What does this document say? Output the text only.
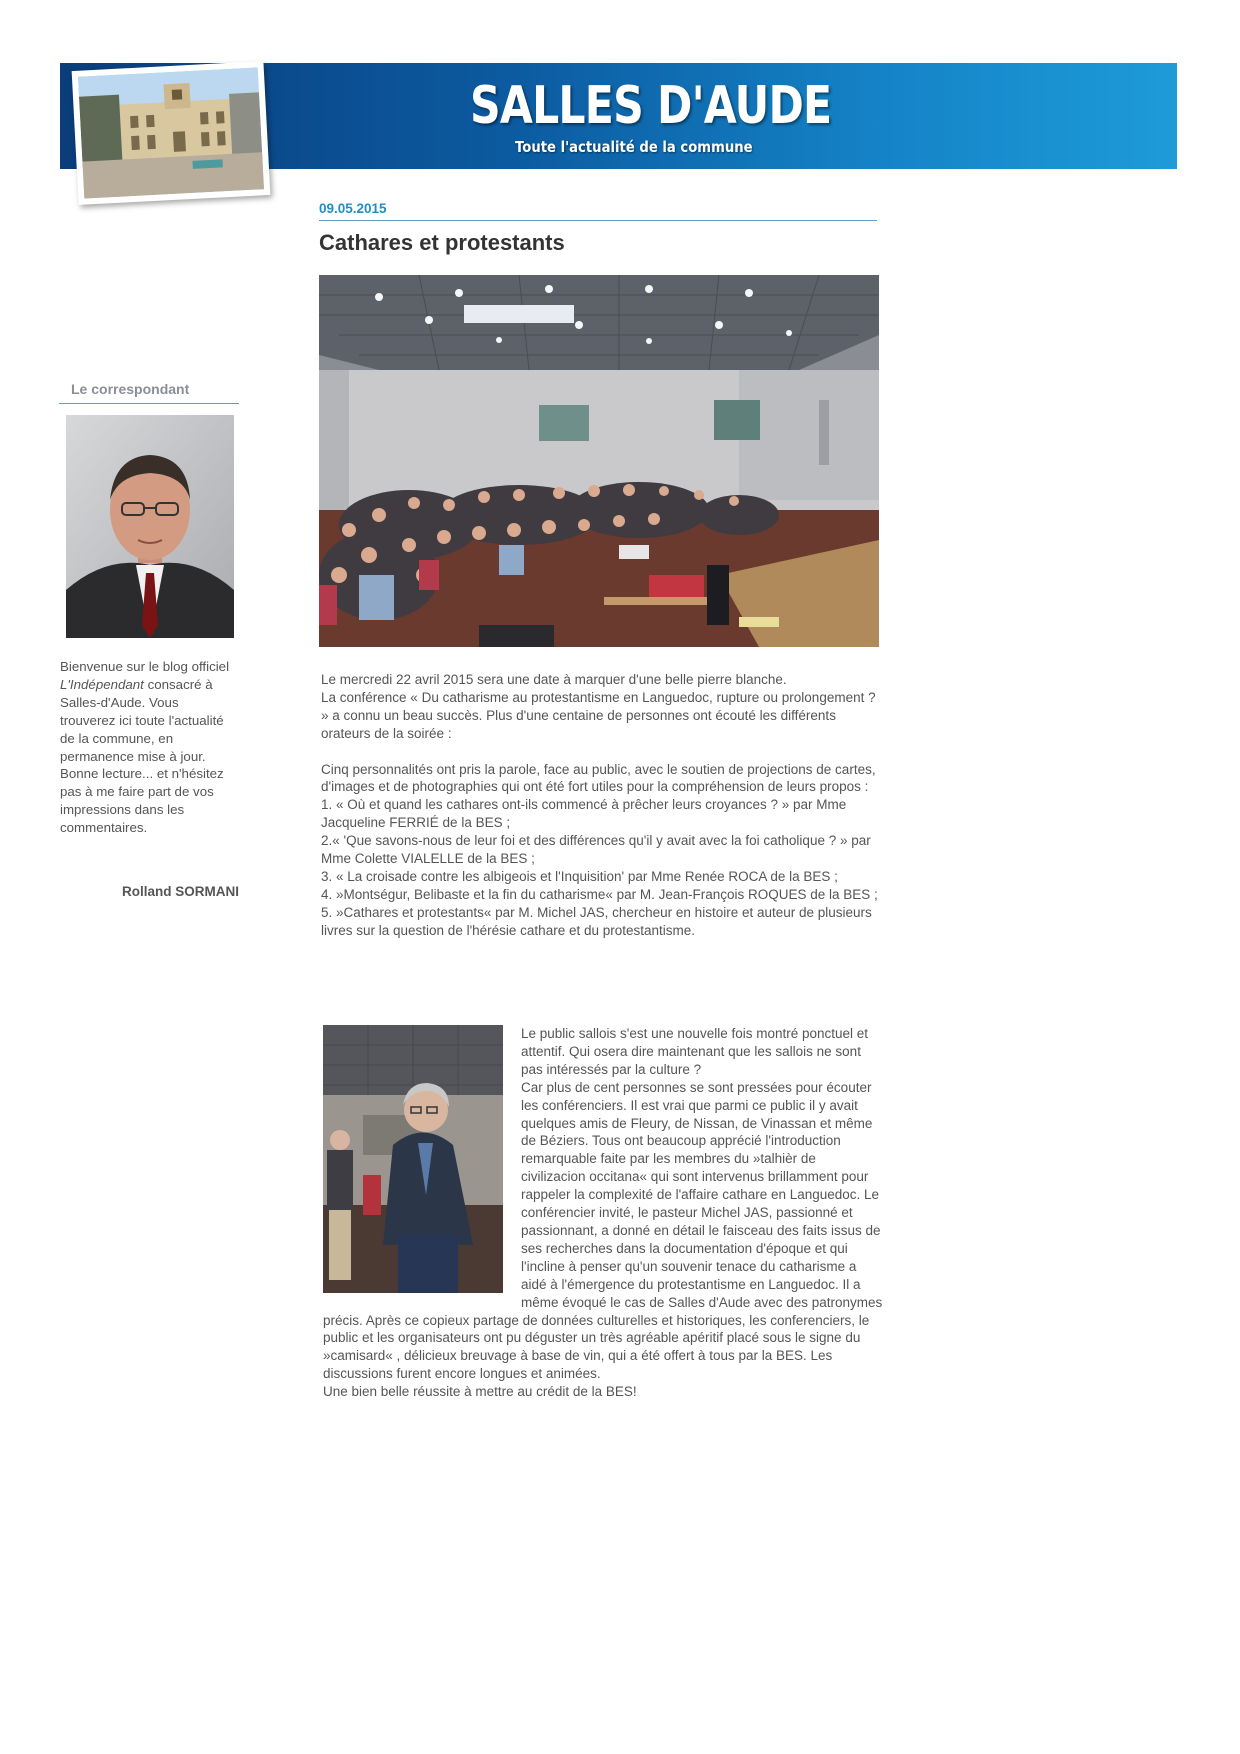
SALLES D'AUDE
Toute l'actualité de la commune
Le correspondant
Bienvenue sur le blog officiel L'Indépendant consacré à Salles-d'Aude. Vous trouverez ici toute l'actualité de la commune, en permanence mise à jour. Bonne lecture... et n'hésitez pas à me faire part de vos impressions dans les commentaires.
Rolland SORMANI
09.05.2015
Cathares et protestants

Le mercredi 22 avril 2015 sera une date à marquer d'une belle pierre blanche.

La conférence « Du catharisme au protestantisme en Languedoc, rupture ou prolongement ? » a connu un beau succès. Plus d'une centaine de personnes ont écouté les différents orateurs de la soirée :

Cinq personnalités ont pris la parole, face au public, avec le soutien de projections de cartes, d'images et de photographies qui ont été fort utiles pour la compréhension de leurs propos :

1. « Où et quand les cathares ont-ils commencé à prêcher leurs croyances ? » par Mme Jacqueline FERRIÉ de la BES ;

2.« 'Que savons-nous de leur foi et des différences qu'il y avait avec la foi catholique ? » par Mme Colette VIALELLE de la BES ;

3. « La croisade contre les albigeois et l'Inquisition' par Mme Renée ROCA de la BES ;

4. »Montségur, Belibaste et la fin du catharisme« par M. Jean-François ROQUES de la BES ;

5. »Cathares et protestants« par M. Michel JAS, chercheur en histoire et auteur de plusieurs livres sur la question de l'hérésie cathare et du protestantisme.

Le public sallois s'est une nouvelle fois montré ponctuel et attentif. Qui osera dire maintenant que les sallois ne sont pas intéressés par la culture ?

Car plus de cent personnes se sont pressées pour écouter les conférenciers. Il est vrai que parmi ce public il y avait quelques amis de Fleury, de Nissan, de Vinassan et même de Béziers. Tous ont beaucoup apprécié l'introduction remarquable faite par les membres du »talhièr de civilizacion occitana« qui sont intervenus brillamment pour rappeler la complexité de l'affaire cathare en Languedoc. Le conférencier invité, le pasteur Michel JAS, passionné et passionnant, a donné en détail le faisceau des faits issus de ses recherches dans la documentation d'époque et qui l'incline à penser qu'un souvenir tenace du catharisme a aidé à l'émergence du protestantisme en Languedoc. Il a même évoqué le cas de Salles d'Aude avec des patronymes précis. Après ce copieux partage de données culturelles et historiques, les conferenciers, le public et les organisateurs ont pu déguster un très agréable apéritif placé sous le signe du »camisard« , délicieux breuvage à base de vin, qui a été offert à tous par la BES. Les discussions furent encore longues et animées.

Une bien belle réussite à mettre au crédit de la BES!
